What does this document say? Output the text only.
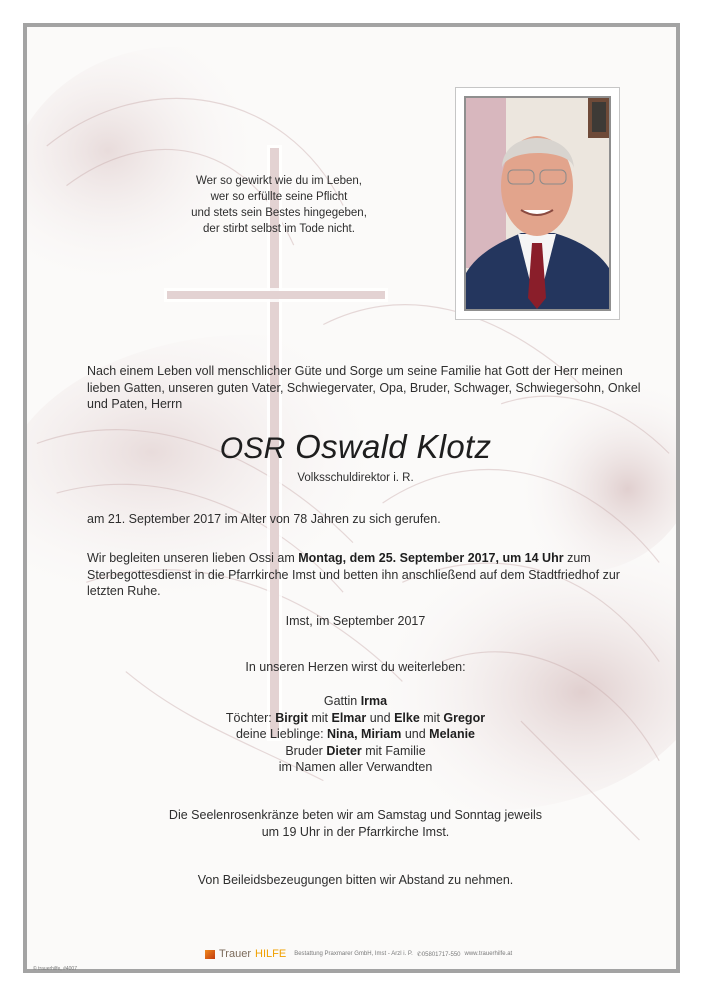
Wer so gewirkt wie du im Leben,
wer so erfüllte seine Pflicht
und stets sein Bestes hingegeben,
der stirbt selbst im Tode nicht.
Nach einem Leben voll menschlicher Güte und Sorge um seine Familie hat Gott der Herr meinen lieben Gatten, unseren guten Vater, Schwiegervater, Opa, Bruder, Schwager, Schwiegersohn, Onkel und Paten, Herrn
OSR Oswald Klotz
Volksschuldirektor i. R.
am 21. September 2017 im Alter von 78 Jahren zu sich gerufen.
Wir begleiten unseren lieben Ossi am Montag, dem 25. September 2017, um 14 Uhr zum Sterbegottesdienst in die Pfarrkirche Imst und betten ihn anschließend auf dem Stadtfriedhof zur letzten Ruhe.
Imst, im September 2017
In unseren Herzen wirst du weiterleben:
Gattin Irma
Töchter: Birgit mit Elmar und Elke mit Gregor
deine Lieblinge: Nina, Miriam und Melanie
Bruder Dieter mit Familie
im Namen aller Verwandten
Die Seelenrosenkränze beten wir am Samstag und Sonntag jeweils
um 19 Uhr in der Pfarrkirche Imst.
Von Beileidsbezeugungen bitten wir Abstand zu nehmen.
Trauer HILFE Bestattung Praxmarer GmbH, Imst - Arzl i. P. ✆05801717-550 www.trauerhilfe.at
© trauerhilfe, #4007
